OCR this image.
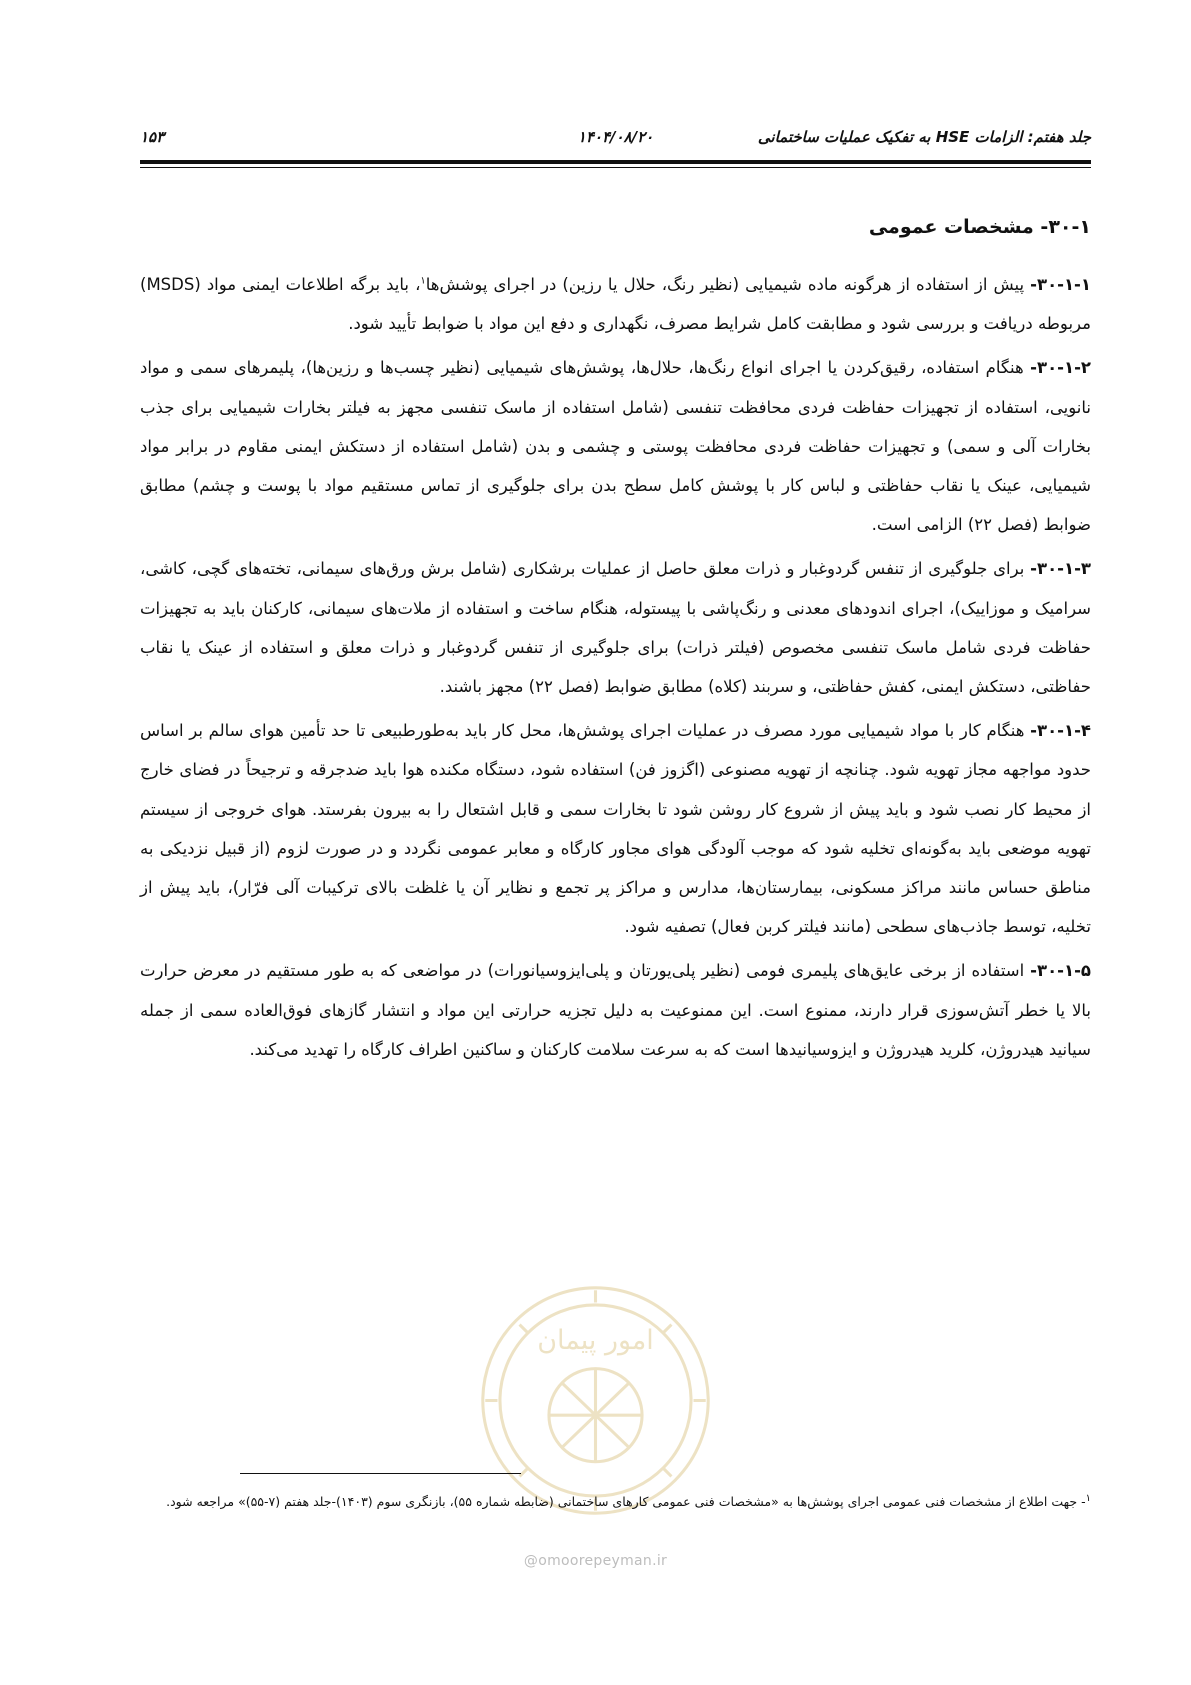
جلد هفتم: الزامات HSE به تفکیک عملیات ساختمانی
۱۴۰۴/۰۸/۲۰
۱۵۳
۳۰-۱- مشخصات عمومی

۳۰-۱-۱- پیش از استفاده از هرگونه ماده شیمیایی (نظیر رنگ، حلال یا رزین) در اجرای پوشش‌ها$^۱$، باید برگه اطلاعات ایمنی مواد (MSDS) مربوطه دریافت و بررسی شود و مطابقت کامل شرایط مصرف، نگهداری و دفع این مواد با ضوابط تأیید شود.

۳۰-۱-۲- هنگام استفاده، رقیق‌کردن یا اجرای انواع رنگ‌ها، حلال‌ها، پوشش‌های شیمیایی (نظیر چسب‌ها و رزین‌ها)، پلیمرهای سمی و مواد نانویی، استفاده از تجهیزات حفاظت فردی محافظت تنفسی (شامل استفاده از ماسک تنفسی مجهز به فیلتر بخارات شیمیایی برای جذب بخارات آلی و سمی) و تجهیزات حفاظت فردی محافظت پوستی و چشمی و بدن (شامل استفاده از دستکش ایمنی مقاوم در برابر مواد شیمیایی، عینک یا نقاب حفاظتی و لباس کار با پوشش کامل سطح بدن برای جلوگیری از تماس مستقیم مواد با پوست و چشم) مطابق ضوابط (فصل ۲۲) الزامی است.

۳۰-۱-۳- برای جلوگیری از تنفس گردوغبار و ذرات معلق حاصل از عملیات برشکاری (شامل برش ورق‌های سیمانی، تخته‌های گچی، کاشی، سرامیک و موزاییک)، اجرای اندودهای معدنی و رنگ‌پاشی با پیستوله، هنگام ساخت و استفاده از ملات‌های سیمانی، کارکنان باید به تجهیزات حفاظت فردی شامل ماسک تنفسی مخصوص (فیلتر ذرات) برای جلوگیری از تنفس گردوغبار و ذرات معلق و استفاده از عینک یا نقاب حفاظتی، دستکش ایمنی، کفش حفاظتی، و سربند (کلاه) مطابق ضوابط (فصل ۲۲) مجهز باشند.

۳۰-۱-۴- هنگام کار با مواد شیمیایی مورد مصرف در عملیات اجرای پوشش‌ها، محل کار باید به‌طورطبیعی تا حد تأمین هوای سالم بر اساس حدود مواجهه مجاز تهویه شود. چنانچه از تهویه مصنوعی (اگزوز فن) استفاده شود، دستگاه مکنده هوا باید ضدجرقه و ترجیحاً در فضای خارج از محیط کار نصب شود و باید پیش از شروع کار روشن شود تا بخارات سمی و قابل اشتعال را به بیرون بفرستد. هوای خروجی از سیستم تهویه موضعی باید به‌گونه‌ای تخلیه شود که موجب آلودگی هوای مجاور کارگاه و معابر عمومی نگردد و در صورت لزوم (از قبیل نزدیکی به مناطق حساس مانند مراکز مسکونی، بیمارستان‌ها، مدارس و مراکز پر تجمع و نظایر آن یا غلظت بالای ترکیبات آلی فرّار)، باید پیش از تخلیه، توسط جاذب‌های سطحی (مانند فیلتر کربن فعال) تصفیه شود.

۳۰-۱-۵- استفاده از برخی عایق‌های پلیمری فومی (نظیر پلی‌یورتان و پلی‌ایزوسیانورات) در مواضعی که به طور مستقیم در معرض حرارت بالا یا خطر آتش‌سوزی قرار دارند، ممنوع است. این ممنوعیت به دلیل تجزیه حرارتی این مواد و انتشار گازهای فوق‌العاده سمی از جمله سیانید هیدروژن، کلرید هیدروژن و ایزوسیانیدها است که به سرعت سلامت کارکنان و ساکنین اطراف کارگاه را تهدید می‌کند.

امور پیمان
@omoorepeyman.ir
$^۱$- جهت اطلاع از مشخصات فنی عمومی اجرای پوشش‌ها به «مشخصات فنی عمومی کارهای ساختمانی (ضابطه شماره ۵۵)، بازنگری سوم (۱۴۰۳)-جلد هفتم (۷-۵۵)» مراجعه شود.
